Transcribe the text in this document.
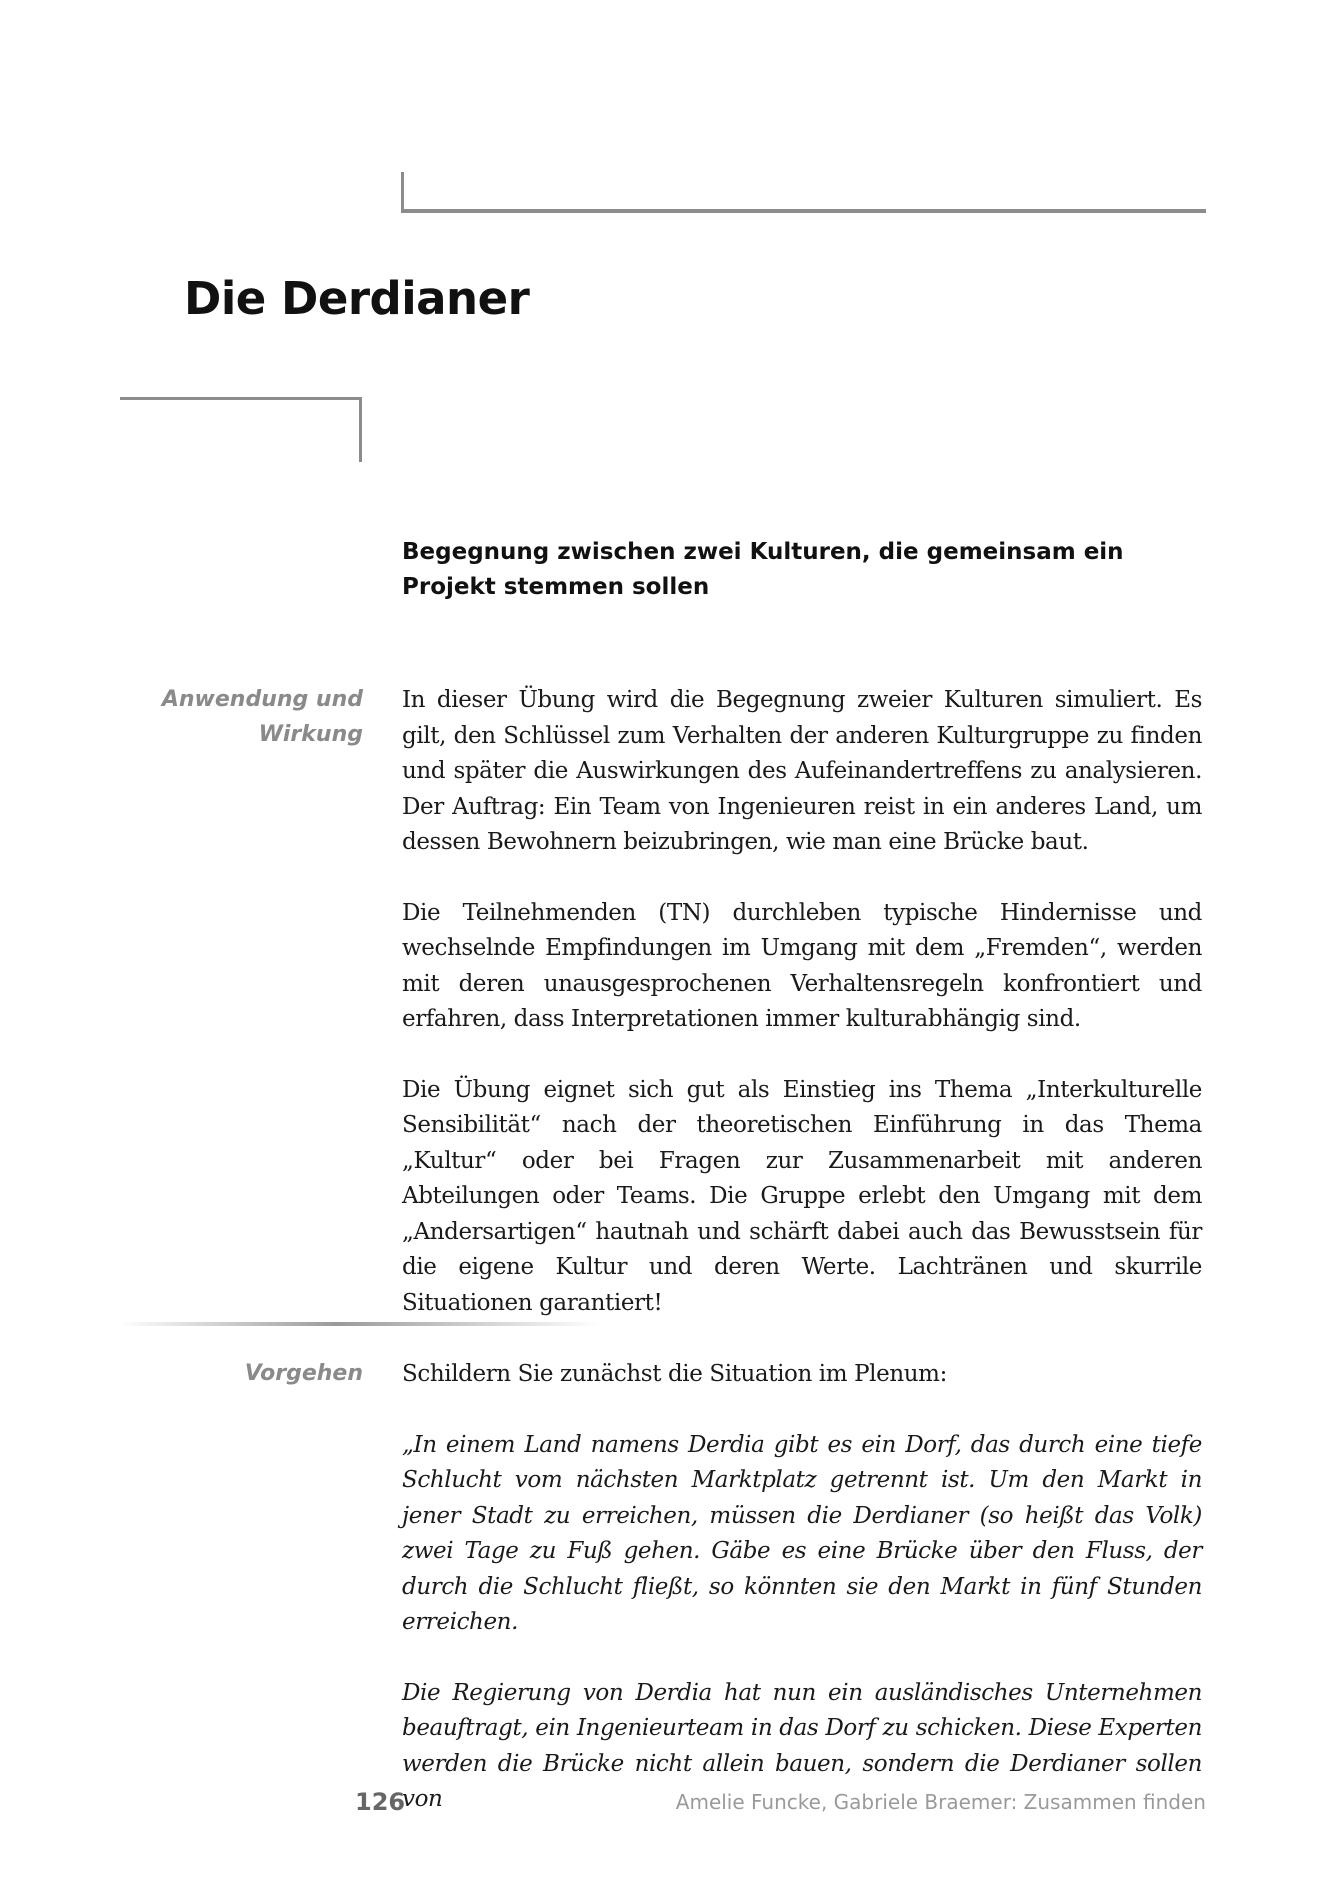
Die Derdianer

Begegnung zwischen zwei Kulturen, die gemeinsam ein Projekt stemmen sollen

Anwendung und
Wirkung

In dieser Übung wird die Begegnung zweier Kulturen simuliert. Es gilt, den Schlüssel zum Verhalten der anderen Kulturgruppe zu finden und später die Auswirkungen des Aufeinandertreffens zu analysieren. Der Auftrag: Ein Team von Ingenieuren reist in ein anderes Land, um dessen Bewohnern beizubringen, wie man eine Brücke baut.

Die Teilnehmenden (TN) durchleben typische Hindernisse und wechselnde Empfindungen im Umgang mit dem „Fremden“, werden mit deren unausgesprochenen Verhaltensregeln konfrontiert und erfahren, dass Interpretationen immer kulturabhängig sind.

Die Übung eignet sich gut als Einstieg ins Thema „Interkulturelle Sensibilität“ nach der theoretischen Einführung in das Thema „Kultur“ oder bei Fragen zur Zusammenarbeit mit anderen Abteilungen oder Teams. Die Gruppe erlebt den Umgang mit dem „Andersartigen“ hautnah und schärft dabei auch das Bewusstsein für die eigene Kultur und deren Werte. Lachtränen und skurrile Situationen garantiert!

Vorgehen Schildern Sie zunächst die Situation im Plenum:

„In einem Land namens Derdia gibt es ein Dorf, das durch eine tiefe Schlucht vom nächsten Marktplatz getrennt ist. Um den Markt in jener Stadt zu erreichen, müssen die Derdianer (so heißt das Volk) zwei Tage zu Fuß gehen. Gäbe es eine Brücke über den Fluss, der durch die Schlucht fließt, so könnten sie den Markt in fünf Stunden erreichen.

Die Regierung von Derdia hat nun ein ausländisches Unternehmen beauftragt, ein Ingenieurteam in das Dorf zu schicken. Diese Experten werden die Brücke nicht allein bauen, sondern die Derdianer sollen von

126	Amelie Funcke, Gabriele Braemer: Zusammen finden
